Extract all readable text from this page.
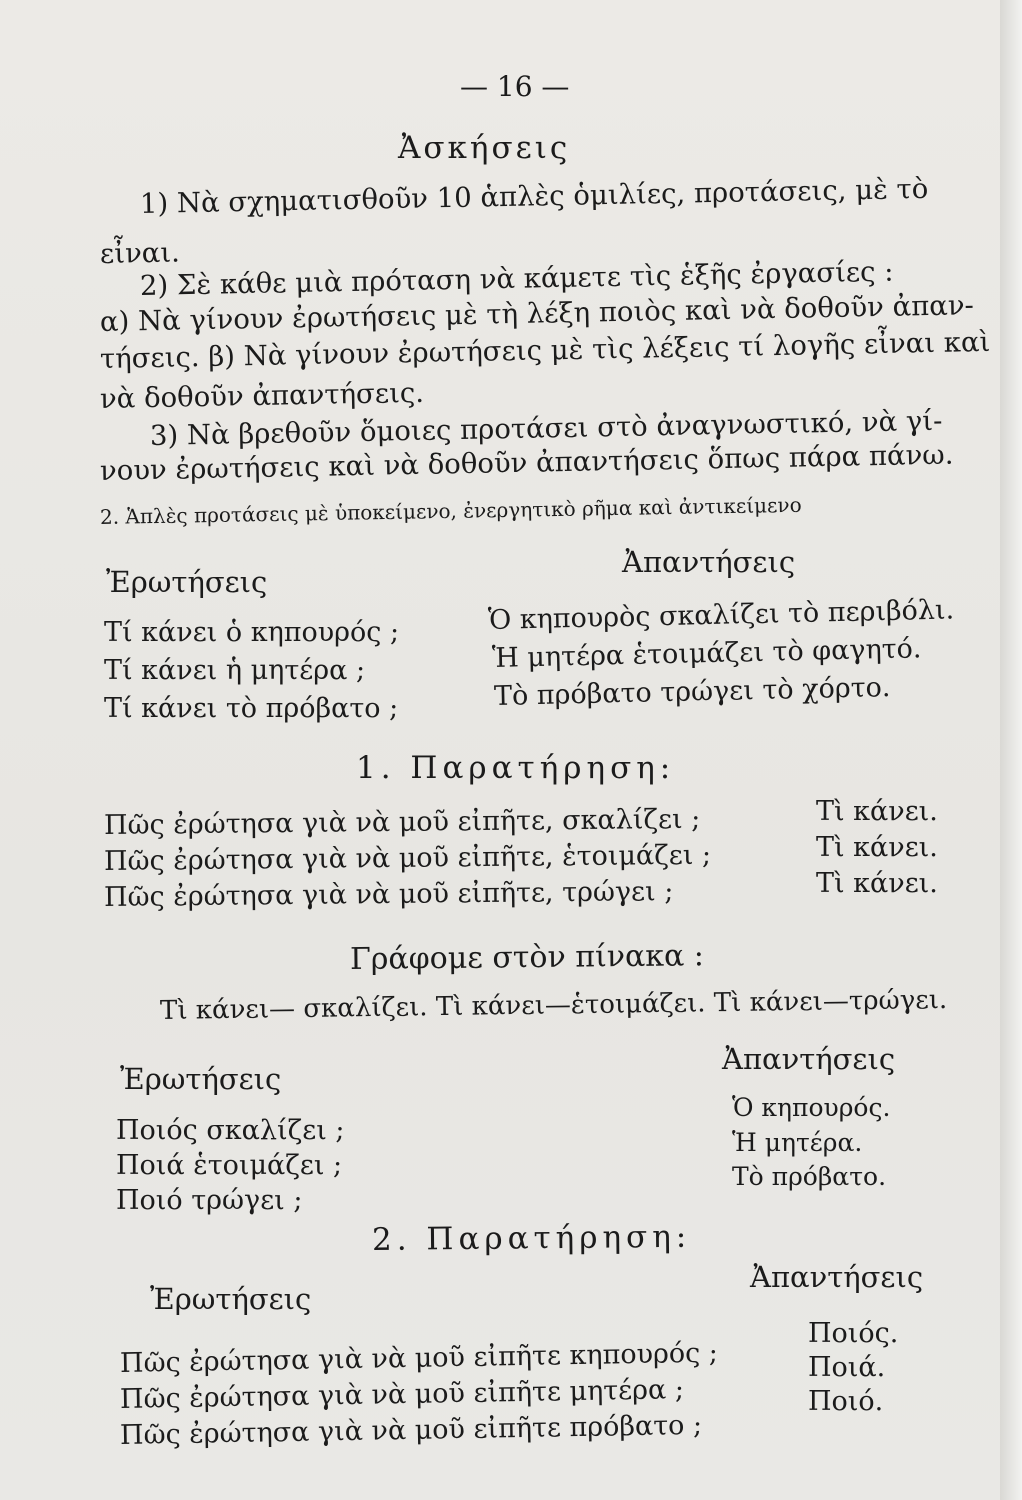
— 16 —
Ἀσκήσεις
1) Νὰ σχηματισθοῦν 10 ἁπλὲς ὁμιλίες, προτάσεις, μὲ τὸ
εἶναι.
2) Σὲ κάθε μιὰ πρόταση νὰ κάμετε τὶς ἑξῆς ἐργασίες :
α) Νὰ γίνουν ἐρωτήσεις μὲ τὴ λέξη ποιὸς καὶ νὰ δοθοῦν ἀπαν-
τήσεις. β) Νὰ γίνουν ἐρωτήσεις μὲ τὶς λέξεις τί λογῆς εἶναι καὶ
νὰ δοθοῦν ἀπαντήσεις.
3) Νὰ βρεθοῦν ὅμοιες προτάσει στὸ ἀναγνωστικό, νὰ γί-
νουν ἐρωτήσεις καὶ νὰ δοθοῦν ἀπαντήσεις ὅπως πάρα πάνω.
2. Ἁπλὲς προτάσεις μὲ ὑποκείμενο, ἐνεργητικὸ ρῆμα καὶ ἀντικείμενο
Ἐρωτήσεις
Ἀπαντήσεις
Τί κάνει ὁ κηπουρός ;
Τί κάνει ἡ μητέρα ;
Τί κάνει τὸ πρόβατο ;
Ὁ κηπουρὸς σκαλίζει τὸ περιβόλι.
Ἡ μητέρα ἑτοιμάζει τὸ φαγητό.
Τὸ πρόβατο τρώγει τὸ χόρτο.
1. Παρατήρηση:
Πῶς ἐρώτησα γιὰ νὰ μοῦ εἰπῆτε, σκαλίζει ;
Πῶς ἐρώτησα γιὰ νὰ μοῦ εἰπῆτε, ἑτοιμάζει ;
Πῶς ἐρώτησα γιὰ νὰ μοῦ εἰπῆτε, τρώγει ;
Τὶ κάνει.
Τὶ κάνει.
Τὶ κάνει.
Γράφομε στὸν πίνακα :
Τὶ κάνει— σκαλίζει. Τὶ κάνει—ἑτοιμάζει. Τὶ κάνει—τρώγει.
Ἐρωτήσεις
Ἀπαντήσεις
Ποιός σκαλίζει ;
Ποιά ἑτοιμάζει ;
Ποιό τρώγει ;
Ὁ κηπουρός.
Ἡ μητέρα.
Τὸ πρόβατο.
2. Παρατήρηση:
Ἀπαντήσεις
Ἐρωτήσεις
Πῶς ἐρώτησα γιὰ νὰ μοῦ εἰπῆτε κηπουρός ;
Πῶς ἐρώτησα γιὰ νὰ μοῦ εἰπῆτε μητέρα ;
Πῶς ἐρώτησα γιὰ νὰ μοῦ εἰπῆτε πρόβατο ;
Ποιός.
Ποιά.
Ποιό.
